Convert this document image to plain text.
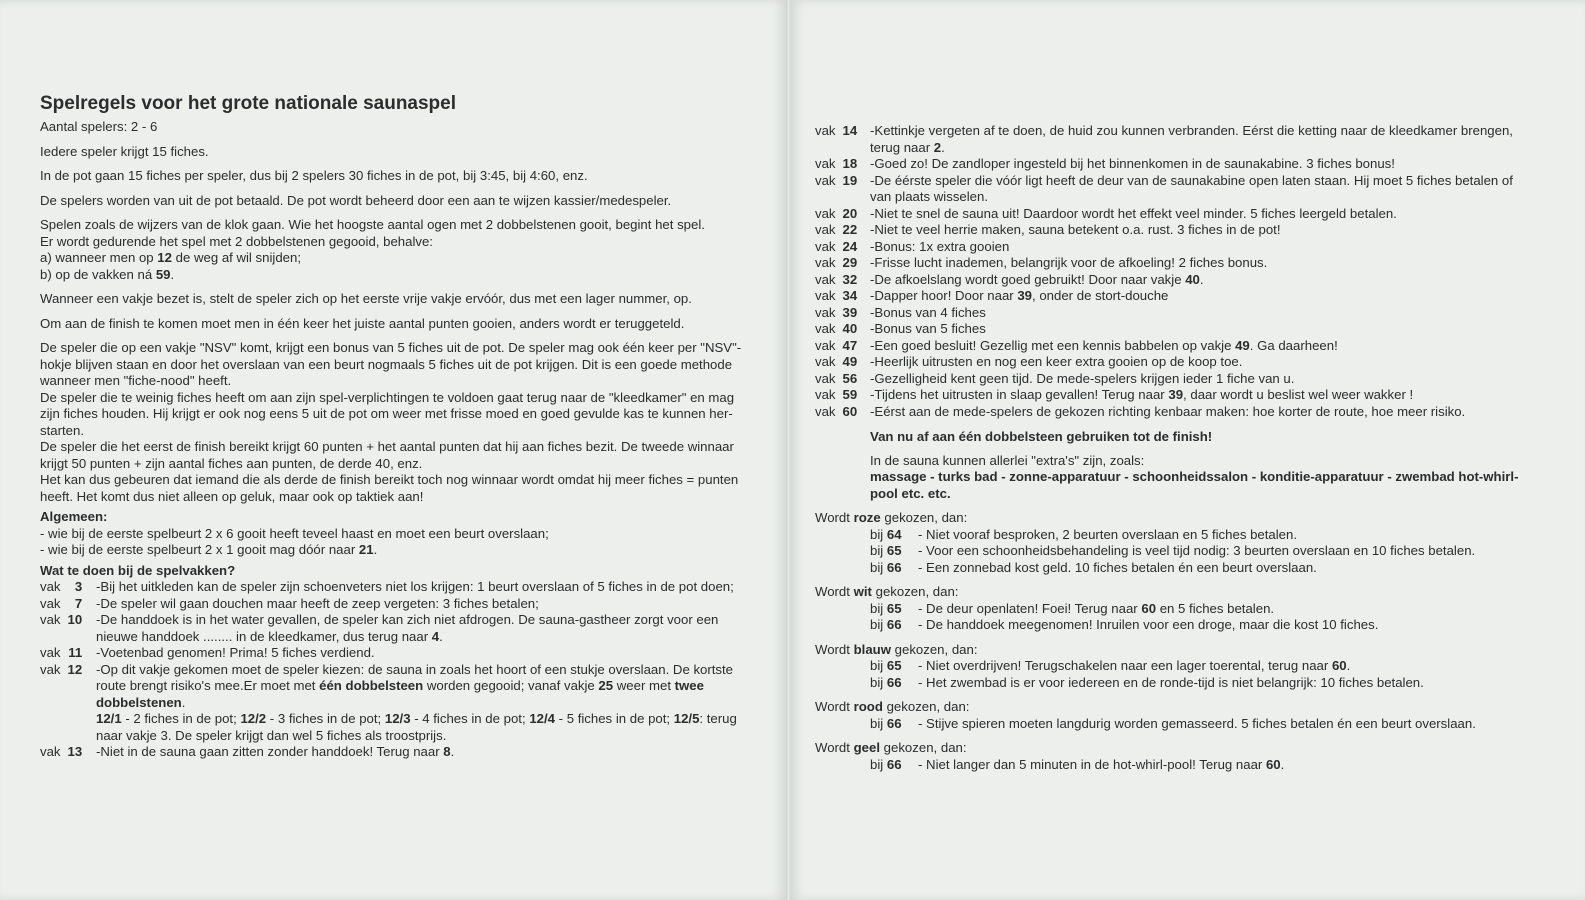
Spelregels voor het grote nationale saunaspel

Aantal spelers: 2 - 6

Iedere speler krijgt 15 fiches.

In de pot gaan 15 fiches per speler, dus bij 2 spelers 30 fiches in de pot, bij 3:45, bij 4:60, enz.

De spelers worden van uit de pot betaald. De pot wordt beheerd door een aan te wijzen kassier/medespeler.

Spelen zoals de wijzers van de klok gaan. Wie het hoogste aantal ogen met 2 dobbelstenen gooit, begint het spel.
Er wordt gedurende het spel met 2 dobbelstenen gegooid, behalve:
a) wanneer men op 12 de weg af wil snijden;
b) op de vakken ná 59.

Wanneer een vakje bezet is, stelt de speler zich op het eerste vrije vakje ervóór, dus met een lager nummer, op.

Om aan de finish te komen moet men in één keer het juiste aantal punten gooien, anders wordt er teruggeteld.

De speler die op een vakje "NSV" komt, krijgt een bonus van 5 fiches uit de pot. De speler mag ook één keer per "NSV"-hokje blijven staan en door het overslaan van een beurt nogmaals 5 fiches uit de pot krijgen. Dit is een goede methode wanneer men "fiche-nood" heeft.
De speler die te weinig fiches heeft om aan zijn spel-verplichtingen te voldoen gaat terug naar de "kleedkamer" en mag zijn fiches houden. Hij krijgt er ook nog eens 5 uit de pot om weer met frisse moed en goed gevulde kas te kunnen her-starten.
De speler die het eerst de finish bereikt krijgt 60 punten + het aantal punten dat hij aan fiches bezit. De tweede winnaar krijgt 50 punten + zijn aantal fiches aan punten, de derde 40, enz.
Het kan dus gebeuren dat iemand die als derde de finish bereikt toch nog winnaar wordt omdat hij meer fiches = punten heeft. Het komt dus niet alleen op geluk, maar ook op taktiek aan!
Algemeen:
- wie bij de eerste spelbeurt 2 x 6 gooit heeft teveel haast en moet een beurt overslaan;
- wie bij de eerste spelbeurt 2 x 1 gooit mag dóór naar 21.
Wat te doen bij de spelvakken?
vak 3	-Bij het uitkleden kan de speler zijn schoenveters niet los krijgen: 1 beurt overslaan of 5 fiches in de pot doen;
vak 7	-De speler wil gaan douchen maar heeft de zeep vergeten: 3 fiches betalen;
vak 10	-De handdoek is in het water gevallen, de speler kan zich niet afdrogen. De sauna-gastheer zorgt voor een nieuwe handdoek ........ in de kleedkamer, dus terug naar 4.
vak 11	-Voetenbad genomen! Prima! 5 fiches verdiend.
vak 12	-Op dit vakje gekomen moet de speler kiezen: de sauna in zoals het hoort of een stukje overslaan. De kortste route brengt risiko's mee.Er moet met één dobbelsteen worden gegooid; vanaf vakje 25 weer met twee dobbelstenen.
12/1 - 2 fiches in de pot; 12/2 - 3 fiches in de pot; 12/3 - 4 fiches in de pot; 12/4 - 5 fiches in de pot; 12/5: terug naar vakje 3. De speler krijgt dan wel 5 fiches als troostprijs.
vak 13	-Niet in de sauna gaan zitten zonder handdoek! Terug naar 8.
vak 14 -Kettinkje vergeten af te doen, de huid zou kunnen verbranden. Eérst die ketting naar de kleedkamer brengen, terug naar 2.
vak 18 -Goed zo! De zandloper ingesteld bij het binnenkomen in de saunakabine. 3 fiches bonus!
vak 19 -De éérste speler die vóór ligt heeft de deur van de saunakabine open laten staan. Hij moet 5 fiches betalen of van plaats wisselen.
vak 20 -Niet te snel de sauna uit! Daardoor wordt het effekt veel minder. 5 fiches leergeld betalen.
vak 22 -Niet te veel herrie maken, sauna betekent o.a. rust. 3 fiches in de pot!
vak 24 -Bonus: 1x extra gooien
vak 29 -Frisse lucht inademen, belangrijk voor de afkoeling! 2 fiches bonus.
vak 32 -De afkoelslang wordt goed gebruikt! Door naar vakje 40.
vak 34 -Dapper hoor! Door naar 39, onder de stort-douche
vak 39 -Bonus van 4 fiches
vak 40 -Bonus van 5 fiches
vak 47 -Een goed besluit! Gezellig met een kennis babbelen op vakje 49. Ga daarheen!
vak 49 -Heerlijk uitrusten en nog een keer extra gooien op de koop toe.
vak 56 -Gezelligheid kent geen tijd. De mede-spelers krijgen ieder 1 fiche van u.
vak 59 -Tijdens het uitrusten in slaap gevallen! Terug naar 39, daar wordt u beslist wel weer wakker !
vak 60 -Eérst aan de mede-spelers de gekozen richting kenbaar maken: hoe korter de route, hoe meer risiko.
Van nu af aan één dobbelsteen gebruiken tot de finish!
In de sauna kunnen allerlei "extra's" zijn, zoals:
massage - turks bad - zonne-apparatuur - schoonheidssalon - konditie-apparatuur - zwembad hot-whirl-pool etc. etc.
Wordt roze gekozen, dan:
bij 64	- Niet vooraf besproken, 2 beurten overslaan en 5 fiches betalen.
bij 65	- Voor een schoonheidsbehandeling is veel tijd nodig: 3 beurten overslaan en 10 fiches betalen.
bij 66	- Een zonnebad kost geld. 10 fiches betalen én een beurt overslaan.
Wordt wit gekozen, dan:
bij 65	- De deur openlaten! Foei! Terug naar 60 en 5 fiches betalen.
bij 66	- De handdoek meegenomen! Inruilen voor een droge, maar die kost 10 fiches.
Wordt blauw gekozen, dan:
bij 65	- Niet overdrijven! Terugschakelen naar een lager toerental, terug naar 60.
bij 66	- Het zwembad is er voor iedereen en de ronde-tijd is niet belangrijk: 10 fiches betalen.
Wordt rood gekozen, dan:
bij 66	- Stijve spieren moeten langdurig worden gemasseerd. 5 fiches betalen én een beurt overslaan.
Wordt geel gekozen, dan:
bij 66	- Niet langer dan 5 minuten in de hot-whirl-pool! Terug naar 60.
